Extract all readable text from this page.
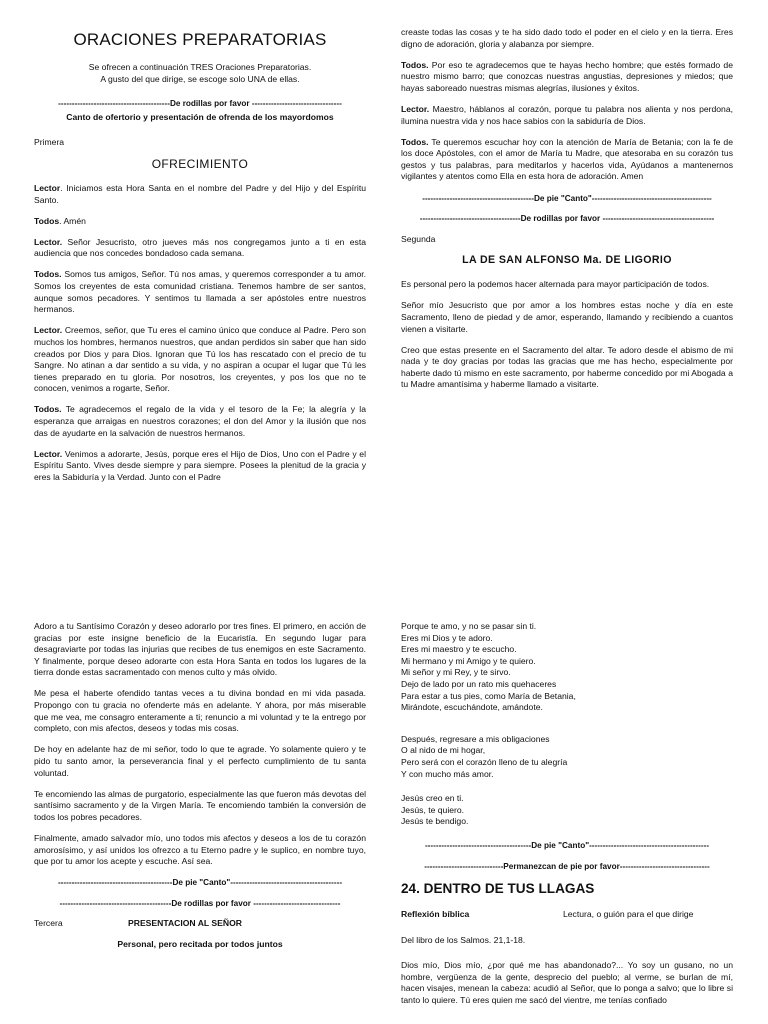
ORACIONES PREPARATORIAS
Se ofrecen a continuación TRES Oraciones Preparatorias.
A gusto del que dirige, se escoge solo UNA de ellas.
-----------------------------------------De rodillas por favor ---------------------------------
Canto de ofertorio y presentación de ofrenda de los mayordomos
Primera
OFRECIMIENTO

Lector. Iniciamos esta Hora Santa en el nombre del Padre y del Hijo y del Espíritu Santo.

Todos. Amén

Lector. Señor Jesucristo, otro jueves más nos congregamos junto a ti en esta audiencia que nos concedes bondadoso cada semana.

Todos. Somos tus amigos, Señor. Tú nos amas, y queremos corresponder a tu amor. Somos los creyentes de esta comunidad cristiana. Tenemos hambre de ser santos, aunque somos pecadores. Y sentimos tu llamada a ser apóstoles entre nuestros hermanos.

Lector. Creemos, señor, que Tu eres el camino único que conduce al Padre. Pero son muchos los hombres, hermanos nuestros, que andan perdidos sin saber que han sido creados por Dios y para Dios. Ignoran que Tú los has rescatado con el precio de tu Sangre. No atinan a dar sentido a su vida, y no aspiran a ocupar el lugar que Tú les tienes preparado en tu gloria. Por nosotros, los creyentes, y pos los que no te conocen, venimos a rogarte, Señor.

Todos. Te agradecemos el regalo de la vida y el tesoro de la Fe; la alegría y la esperanza que arraigas en nuestros corazones; el don del Amor y la ilusión que nos das de ayudarte en la salvación de nuestros hermanos.

Lector. Venimos a adorarte, Jesús, porque eres el Hijo de Dios, Uno con el Padre y el Espíritu Santo. Vives desde siempre y para siempre. Posees la plenitud de la gracia y eres la Sabiduría y la Verdad. Junto con el Padre

creaste todas las cosas y te ha sido dado todo el poder en el cielo y en la tierra. Eres digno de adoración, gloria y alabanza por siempre.

Todos. Por eso te agradecemos que te hayas hecho hombre; que estés formado de nuestro mismo barro; que conozcas nuestras angustias, depresiones y miedos; que hayas saboreado nuestras mismas alegrías, ilusiones y éxitos.

Lector. Maestro, háblanos al corazón, porque tu palabra nos alienta y nos perdona, ilumina nuestra vida y nos hace sabios con la sabiduría de Dios.

Todos. Te queremos escuchar hoy con la atención de María de Betania; con la fe de los doce Apóstoles, con el amor de María tu Madre, que atesoraba en su corazón tus gestos y tus palabras, para meditarlos y hacerlos vida, Ayúdanos a mantenernos vigilantes y atentos como Ella en esta hora de adoración. Amen

-----------------------------------------De pie "Canto"--------------------------------------------
-------------------------------------De rodillas por favor -----------------------------------------
Segunda
LA DE SAN ALFONSO Ma. DE LIGORIO

Es personal pero la podemos hacer alternada para mayor participación de todos.

Señor mío Jesucristo que por amor a los hombres estas noche y día en este Sacramento, lleno de piedad y de amor, esperando, llamando y recibiendo a cuantos vienen a visitarte.

Creo que estas presente en el Sacramento del altar. Te adoro desde el abismo de mi nada y te doy gracias por todas las gracias que me has hecho, especialmente por haberte dado tú mismo en este sacramento, por haberme concedido por mi Abogada a tu Madre amantísima y haberme llamado a visitarte.

Adoro a tu Santísimo Corazón y deseo adorarlo por tres fines. El primero, en acción de gracias por este insigne beneficio de la Eucaristía. En segundo lugar para desagraviarte por todas las injurias que recibes de tus enemigos en este Sacramento. Y finalmente, porque deseo adorarte con esta Hora Santa en todos los lugares de la tierra donde estas sacramentado con menos culto y más olvido.

Me pesa el haberte ofendido tantas veces a tu divina bondad en mi vida pasada. Propongo con tu gracia no ofenderte más en adelante. Y ahora, por más miserable que me vea, me consagro enteramente a ti; renuncio a mi voluntad y te la entrego por completo, con mis afectos, deseos y todas mis cosas.

De hoy en adelante haz de mi señor, todo lo que te agrade. Yo solamente quiero y te pido tu santo amor, la perseverancia final y el perfecto cumplimiento de tu santa voluntad.

Te encomiendo las almas de purgatorio, especialmente las que fueron más devotas del santísimo sacramento y de la Virgen María. Te encomiendo también la conversión de todos los pobres pecadores.

Finalmente, amado salvador mío, uno todos mis afectos y deseos a los de tu corazón amorosísimo, y así unidos los ofrezco a tu Eterno padre y le suplico, en nombre tuyo, que por tu amor los acepte y escuche. Así sea.

------------------------------------------De pie "Canto"-----------------------------------------
-----------------------------------------De rodillas por favor --------------------------------
Tercera	PRESENTACION AL SEÑOR
Personal, pero recitada por todos juntos
Porque te amo, y no se pasar sin ti.
Eres mi Dios y te adoro.
Eres mi maestro y te escucho.
Mi hermano y mi Amigo y te quiero.
Mi señor y mi Rey, y te sirvo.
Dejo de lado por un rato mis quehaceres
Para estar a tus pies, como María de Betania,
Mirándote, escuchándote, amándote.
Después, regresare a mis obligaciones
O al nido de mi hogar,
Pero será con el corazón lleno de tu alegría
Y con mucho más amor.
Jesús creo en ti.
Jesús, te quiero.
Jesús te bendigo.
---------------------------------------De pie "Canto"--------------------------------------------
-----------------------------Permanezcan de pie por favor---------------------------------
24. DENTRO DE TUS LLAGAS
Reflexión bíblica	Lectura, o guión para el que dirige

Del libro de los Salmos. 21,1-18.

Dios mío, Dios mío, ¿por qué me has abandonado?... Yo soy un gusano, no un hombre, vergüenza de la gente, desprecio del pueblo; al verme, se burlan de mí, hacen visajes, menean la cabeza: acudió al Señor, que lo ponga a salvo; que lo libre si tanto lo quiere. Tú eres quien me sacó del vientre, me tenías confiado
